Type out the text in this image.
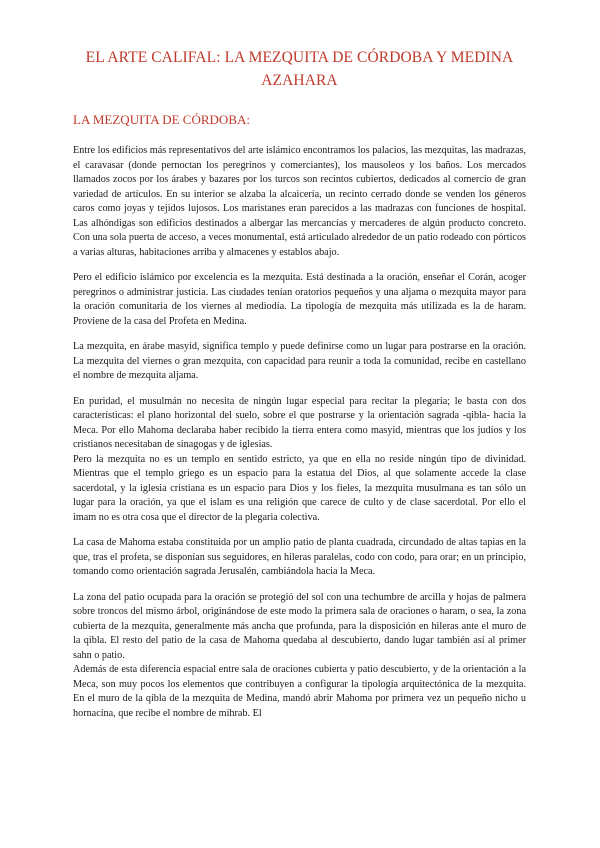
EL ARTE CALIFAL: LA MEZQUITA DE CÓRDOBA Y MEDINA AZAHARA
LA MEZQUITA DE CÓRDOBA:

Entre los edificios más representativos del arte islámico encontramos los palacios, las mezquitas, las madrazas, el caravasar (donde pernoctan los peregrinos y comerciantes), los mausoleos y los baños. Los mercados llamados zocos por los árabes y bazares por los turcos son recintos cubiertos, dedicados al comercio de gran variedad de artículos. En su interior se alzaba la alcaicería, un recinto cerrado donde se venden los géneros caros como joyas y tejidos lujosos. Los maristanes eran parecidos a las madrazas con funciones de hospital. Las alhóndigas son edificios destinados a albergar las mercancías y mercaderes de algún producto concreto. Con una sola puerta de acceso, a veces monumental, está articulado alrededor de un patio rodeado con pórticos a varias alturas, habitaciones arriba y almacenes y establos abajo.

Pero el edificio islámico por excelencia es la mezquita. Está destinada a la oración, enseñar el Corán, acoger peregrinos o administrar justicia. Las ciudades tenían oratorios pequeños y una aljama o mezquita mayor para la oración comunitaria de los viernes al mediodía. La tipología de mezquita más utilizada es la de haram. Proviene de la casa del Profeta en Medina.

La mezquita, en árabe masyid, significa templo y puede definirse como un lugar para postrarse en la oración. La mezquita del viernes o gran mezquita, con capacidad para reunir a toda la comunidad, recibe en castellano el nombre de mezquita aljama.

En puridad, el musulmán no necesita de ningún lugar especial para recitar la plegaria; le basta con dos características: el plano horizontal del suelo, sobre el que postrarse y la orientación sagrada -qibla- hacia la Meca. Por ello Mahoma declaraba haber recibido la tierra entera como masyid, mientras que los judíos y los cristianos necesitaban de sinagogas y de iglesias.

Pero la mezquita no es un templo en sentido estricto, ya que en ella no reside ningún tipo de divinidad. Mientras que el templo griego es un espacio para la estatua del Dios, al que solamente accede la clase sacerdotal, y la iglesia cristiana es un espacio para Dios y los fieles, la mezquita musulmana es tan sólo un lugar para la oración, ya que el islam es una religión que carece de culto y de clase sacerdotal. Por ello el imam no es otra cosa que el director de la plegaria colectiva.

La casa de Mahoma estaba constituida por un amplio patio de planta cuadrada, circundado de altas tapias en la que, tras el profeta, se disponían sus seguidores, en hileras paralelas, codo con codo, para orar; en un principio, tomando como orientación sagrada Jerusalén, cambiándola hacia la Meca.

La zona del patio ocupada para la oración se protegió del sol con una techumbre de arcilla y hojas de palmera sobre troncos del mismo árbol, originándose de este modo la primera sala de oraciones o haram, o sea, la zona cubierta de la mezquita, generalmente más ancha que profunda, para la disposición en hileras ante el muro de la qibla. El resto del patio de la casa de Mahoma quedaba al descubierto, dando lugar también así al primer sahn o patio.

Además de esta diferencia espacial entre sala de oraciones cubierta y patio descubierto, y de la orientación a la Meca, son muy pocos los elementos que contribuyen a configurar la tipología arquitectónica de la mezquita. En el muro de la qibla de la mezquita de Medina, mandó abrir Mahoma por primera vez un pequeño nicho u hornacina, que recibe el nombre de mihrab. El
